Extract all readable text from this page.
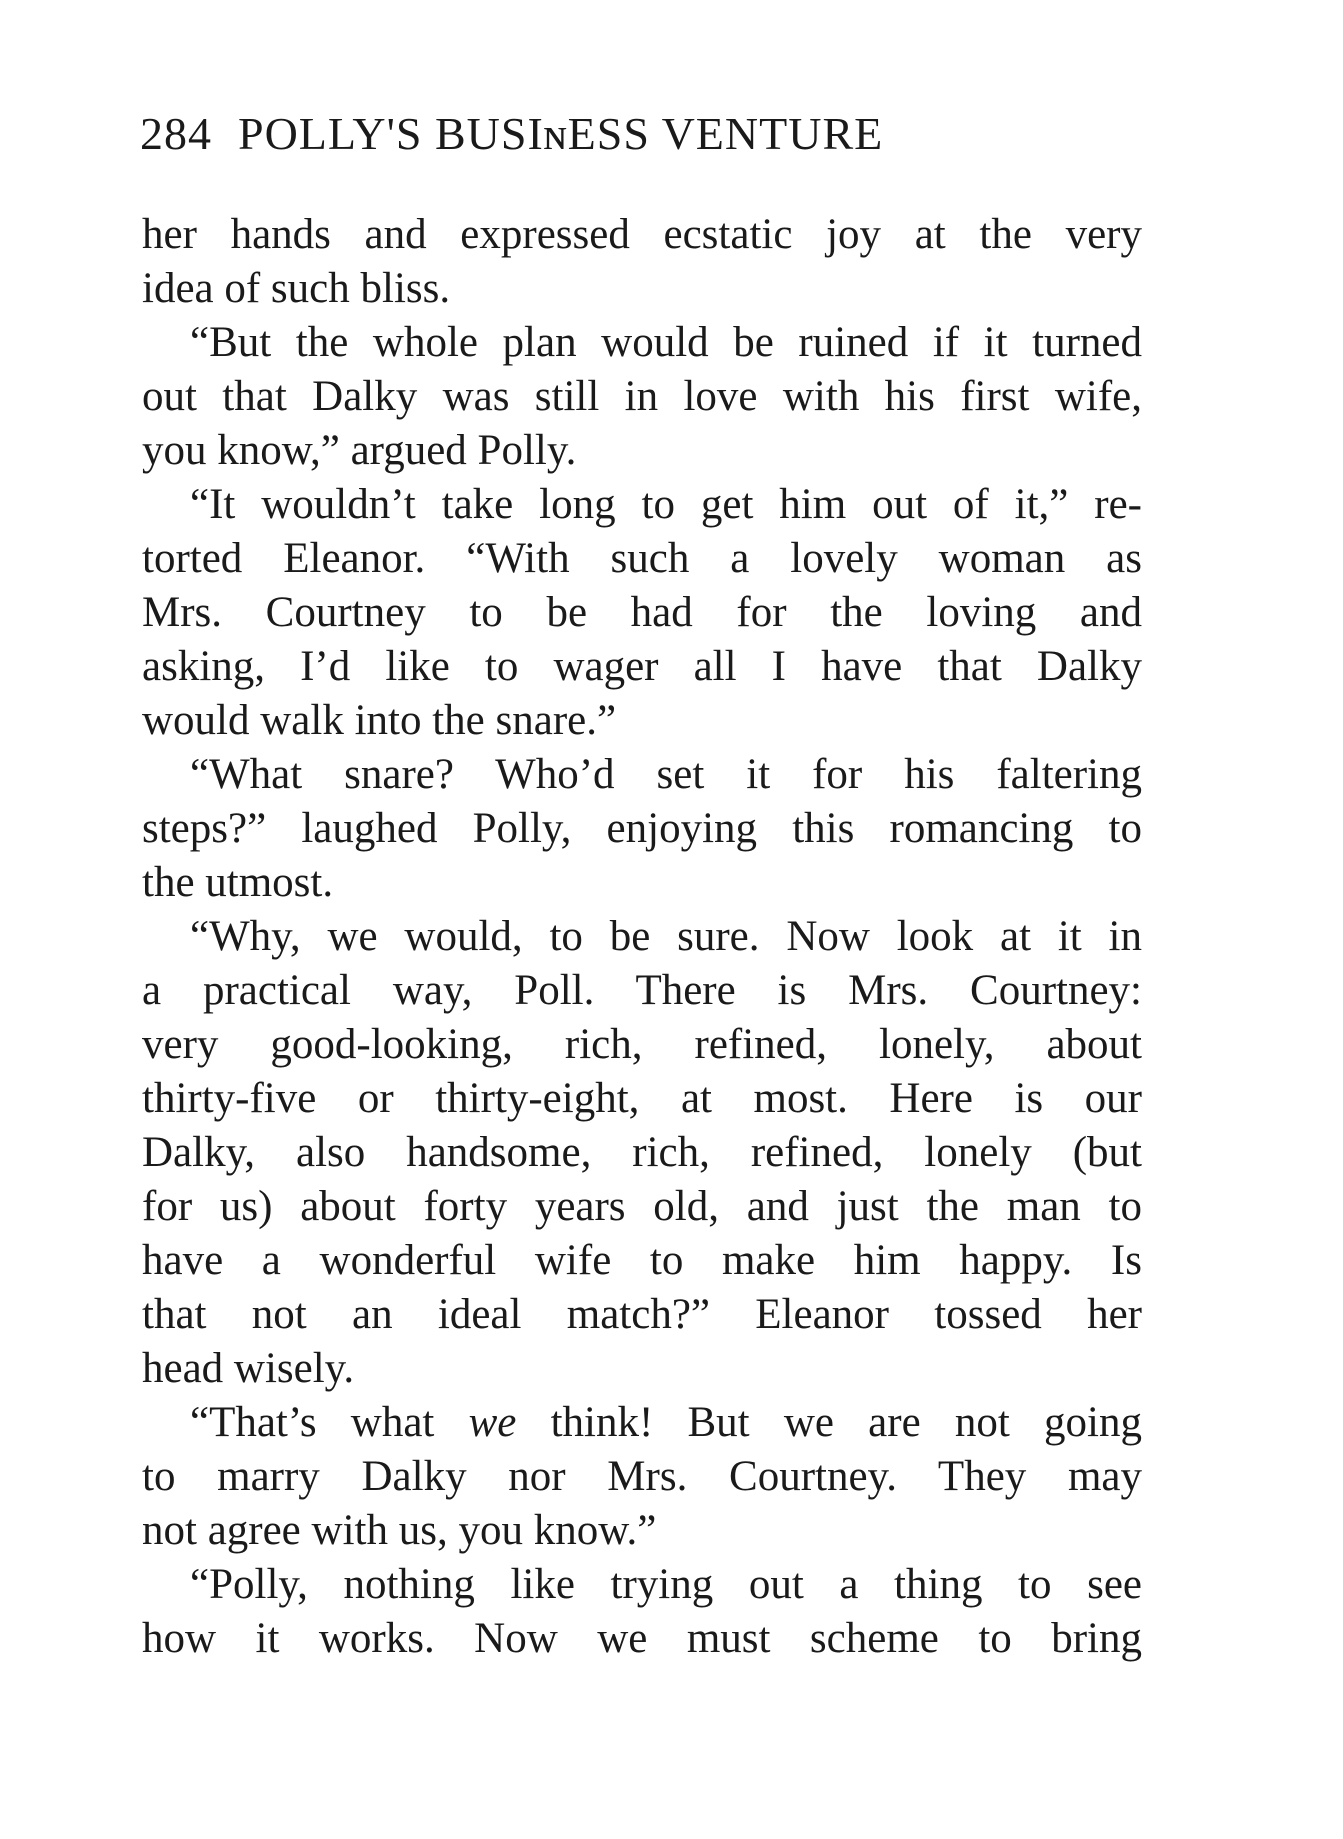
284 POLLY'S BUSIɴESS VENTURE
her hands and expressed ecstatic joy at the very
idea of such bliss.
“But the whole plan would be ruined if it turned
out that Dalky was still in love with his first wife,
you know,” argued Polly.
“It wouldn’t take long to get him out of it,” re-
torted Eleanor. “With such a lovely woman as
Mrs. Courtney to be had for the loving and
asking, I’d like to wager all I have that Dalky
would walk into the snare.”
“What snare? Who’d set it for his faltering
steps?” laughed Polly, enjoying this romancing to
the utmost.
“Why, we would, to be sure. Now look at it in
a practical way, Poll. There is Mrs. Courtney:
very good-looking, rich, refined, lonely, about
thirty-five or thirty-eight, at most. Here is our
Dalky, also handsome, rich, refined, lonely (but
for us) about forty years old, and just the man to
have a wonderful wife to make him happy. Is
that not an ideal match?” Eleanor tossed her
head wisely.
“That’s what we think! But we are not going
to marry Dalky nor Mrs. Courtney. They may
not agree with us, you know.”
“Polly, nothing like trying out a thing to see
how it works. Now we must scheme to bring
